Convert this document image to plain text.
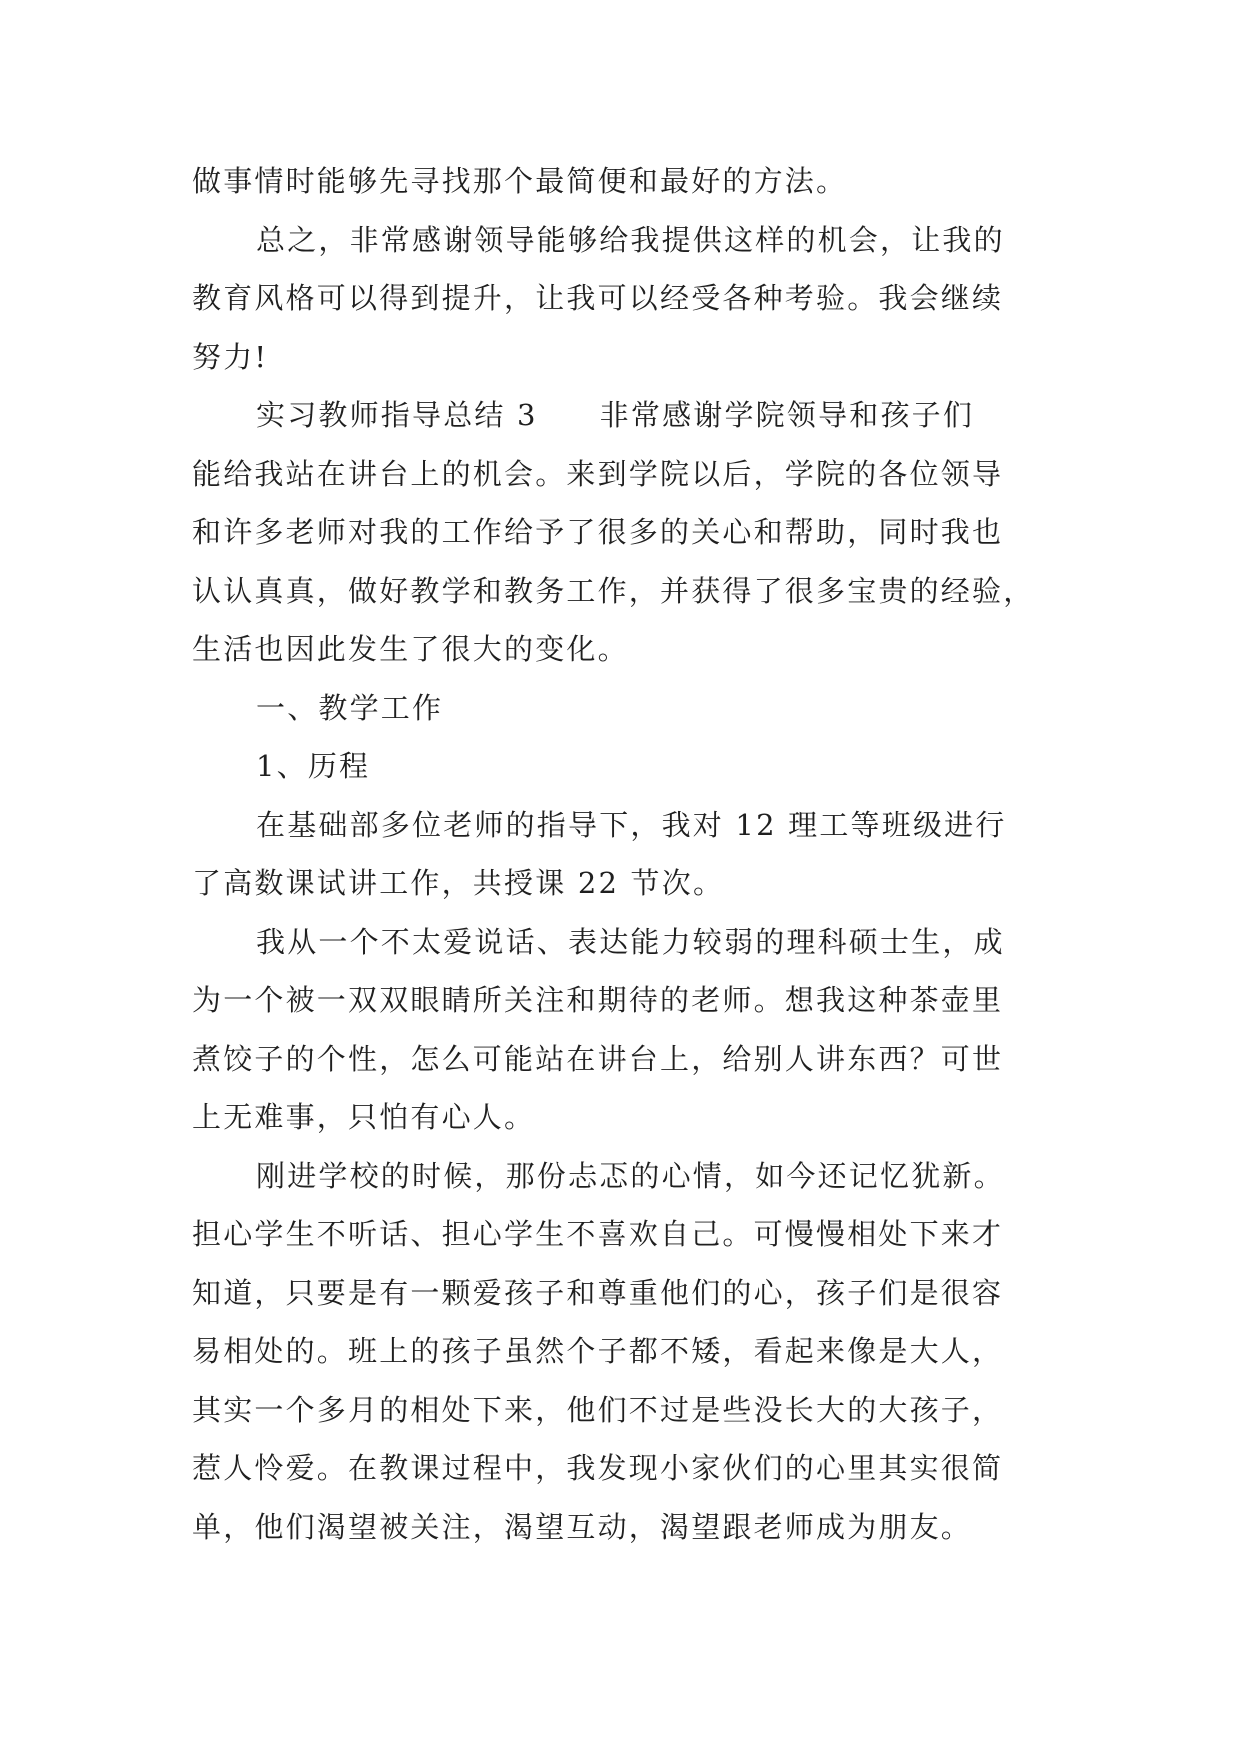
做事情时能够先寻找那个最简便和最好的方法。
总之，非常感谢领导能够给我提供这样的机会，让我的
教育风格可以得到提升，让我可以经受各种考验。我会继续
努力!
实习教师指导总结 3 非常感谢学院领导和孩子们
能给我站在讲台上的机会。来到学院以后，学院的各位领导
和许多老师对我的工作给予了很多的关心和帮助，同时我也
认认真真，做好教学和教务工作，并获得了很多宝贵的经验，
生活也因此发生了很大的变化。
一、教学工作
1、历程
在基础部多位老师的指导下，我对 12 理工等班级进行
了高数课试讲工作，共授课 22 节次。
我从一个不太爱说话、表达能力较弱的理科硕士生，成
为一个被一双双眼睛所关注和期待的老师。想我这种茶壶里
煮饺子的个性，怎么可能站在讲台上，给别人讲东西？可世
上无难事，只怕有心人。
刚进学校的时候，那份忐忑的心情，如今还记忆犹新。
担心学生不听话、担心学生不喜欢自己。可慢慢相处下来才
知道，只要是有一颗爱孩子和尊重他们的心，孩子们是很容
易相处的。班上的孩子虽然个子都不矮，看起来像是大人，
其实一个多月的相处下来，他们不过是些没长大的大孩子，
惹人怜爱。在教课过程中，我发现小家伙们的心里其实很简
单，他们渴望被关注，渴望互动，渴望跟老师成为朋友。
